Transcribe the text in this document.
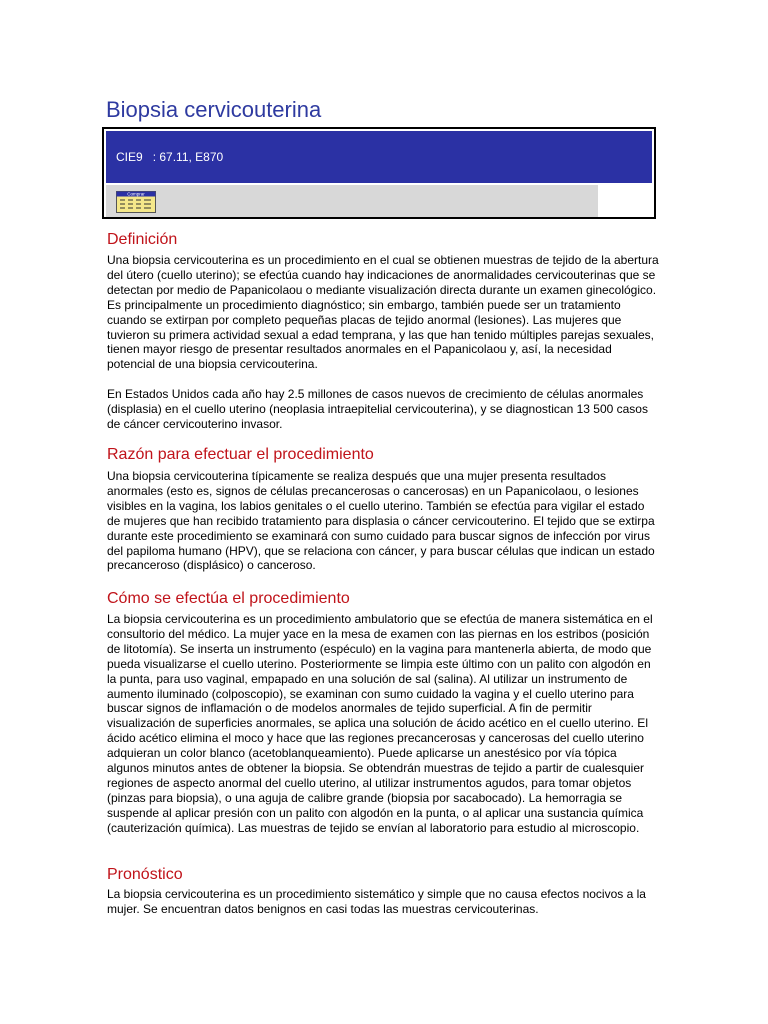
Biopsia cervicouterina
CIE9 : 67.11, E870
Comprar
Definición

Una biopsia cervicouterina es un procedimiento en el cual se obtienen muestras de tejido de la abertura del útero (cuello uterino); se efectúa cuando hay indicaciones de anormalidades cervicouterinas que se detectan por medio de Papanicolaou o mediante visualización directa durante un examen ginecológico. Es principalmente un procedimiento diagnóstico; sin embargo, también puede ser un tratamiento cuando se extirpan por completo pequeñas placas de tejido anormal (lesiones). Las mujeres que tuvieron su primera actividad sexual a edad temprana, y las que han tenido múltiples parejas sexuales, tienen mayor riesgo de presentar resultados anormales en el Papanicolaou y, así, la necesidad potencial de una biopsia cervicouterina.

En Estados Unidos cada año hay 2.5 millones de casos nuevos de crecimiento de células anormales (displasia) en el cuello uterino (neoplasia intraepitelial cervicouterina), y se diagnostican 13 500 casos de cáncer cervicouterino invasor.

Razón para efectuar el procedimiento

Una biopsia cervicouterina típicamente se realiza después que una mujer presenta resultados anormales (esto es, signos de células precancerosas o cancerosas) en un Papanicolaou, o lesiones visibles en la vagina, los labios genitales o el cuello uterino. También se efectúa para vigilar el estado de mujeres que han recibido tratamiento para displasia o cáncer cervicouterino. El tejido que se extirpa durante este procedimiento se examinará con sumo cuidado para buscar signos de infección por virus del papiloma humano (HPV), que se relaciona con cáncer, y para buscar células que indican un estado precanceroso (displásico) o canceroso.

Cómo se efectúa el procedimiento

La biopsia cervicouterina es un procedimiento ambulatorio que se efectúa de manera sistemática en el consultorio del médico. La mujer yace en la mesa de examen con las piernas en los estribos (posición de litotomía). Se inserta un instrumento (espéculo) en la vagina para mantenerla abierta, de modo que pueda visualizarse el cuello uterino. Posteriormente se limpia este último con un palito con algodón en la punta, para uso vaginal, empapado en una solución de sal (salina). Al utilizar un instrumento de aumento iluminado (colposcopio), se examinan con sumo cuidado la vagina y el cuello uterino para buscar signos de inflamación o de modelos anormales de tejido superficial. A fin de permitir visualización de superficies anormales, se aplica una solución de ácido acético en el cuello uterino. El ácido acético elimina el moco y hace que las regiones precancerosas y cancerosas del cuello uterino adquieran un color blanco (acetoblanqueamiento). Puede aplicarse un anestésico por vía tópica algunos minutos antes de obtener la biopsia. Se obtendrán muestras de tejido a partir de cualesquier regiones de aspecto anormal del cuello uterino, al utilizar instrumentos agudos, para tomar objetos (pinzas para biopsia), o una aguja de calibre grande (biopsia por sacabocado). La hemorragia se suspende al aplicar presión con un palito con algodón en la punta, o al aplicar una sustancia química (cauterización química). Las muestras de tejido se envían al laboratorio para estudio al microscopio.

Pronóstico

La biopsia cervicouterina es un procedimiento sistemático y simple que no causa efectos nocivos a la mujer. Se encuentran datos benignos en casi todas las muestras cervicouterinas.
